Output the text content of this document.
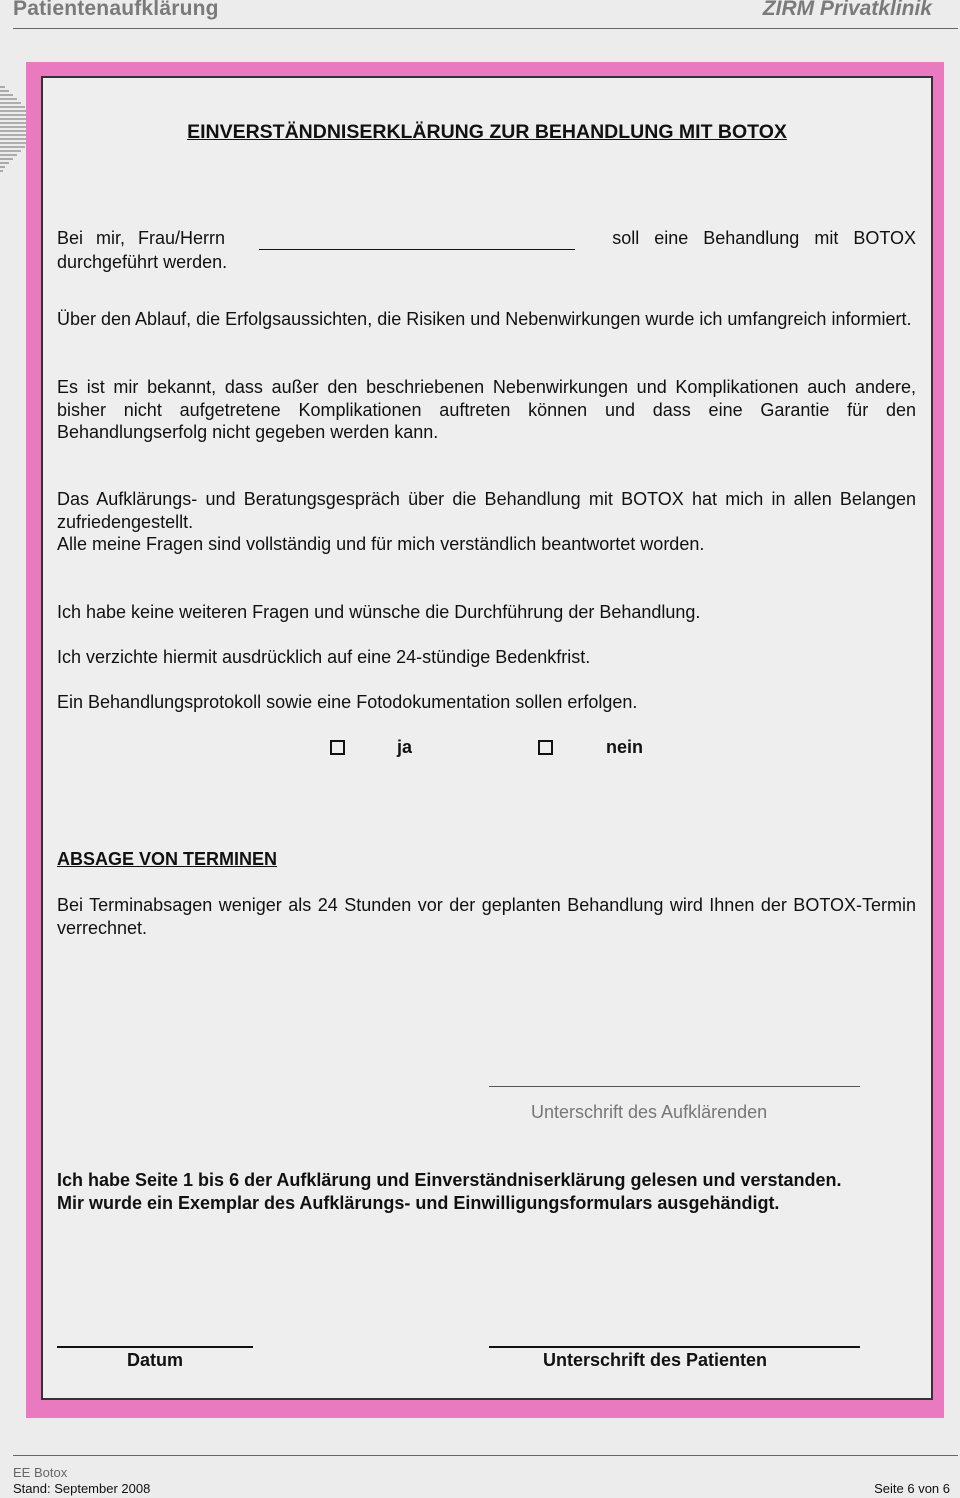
Patientenaufklärung	ZIRM Privatklinik
EINVERSTÄNDNISERKLÄRUNG ZUR BEHANDLUNG MIT BOTOX
Bei mir, Frau/Herrn	soll eine Behandlung mit BOTOX
durchgeführt werden.
Über den Ablauf, die Erfolgsaussichten, die Risiken und Nebenwirkungen wurde ich umfangreich informiert.
Es ist mir bekannt, dass außer den beschriebenen Nebenwirkungen und Komplikationen auch andere, bisher nicht aufgetretene Komplikationen auftreten können und dass eine Garantie für den Behandlungserfolg nicht gegeben werden kann.
Das Aufklärungs- und Beratungsgespräch über die Behandlung mit BOTOX hat mich in allen Belangen zufriedengestellt.
Alle meine Fragen sind vollständig und für mich verständlich beantwortet worden.
Ich habe keine weiteren Fragen und wünsche die Durchführung der Behandlung.
Ich verzichte hiermit ausdrücklich auf eine 24-stündige Bedenkfrist.
Ein Behandlungsprotokoll sowie eine Fotodokumentation sollen erfolgen.
ja	nein
ABSAGE VON TERMINEN
Bei Terminabsagen weniger als 24 Stunden vor der geplanten Behandlung wird Ihnen der BOTOX-Termin verrechnet.
Unterschrift des Aufklärenden
Ich habe Seite 1 bis 6 der Aufklärung und Einverständniserklärung gelesen und verstanden.
Mir wurde ein Exemplar des Aufklärungs- und Einwilligungsformulars ausgehändigt.
Datum	Unterschrift des Patienten
EE Botox
Stand: September 2008	Seite 6 von 6
